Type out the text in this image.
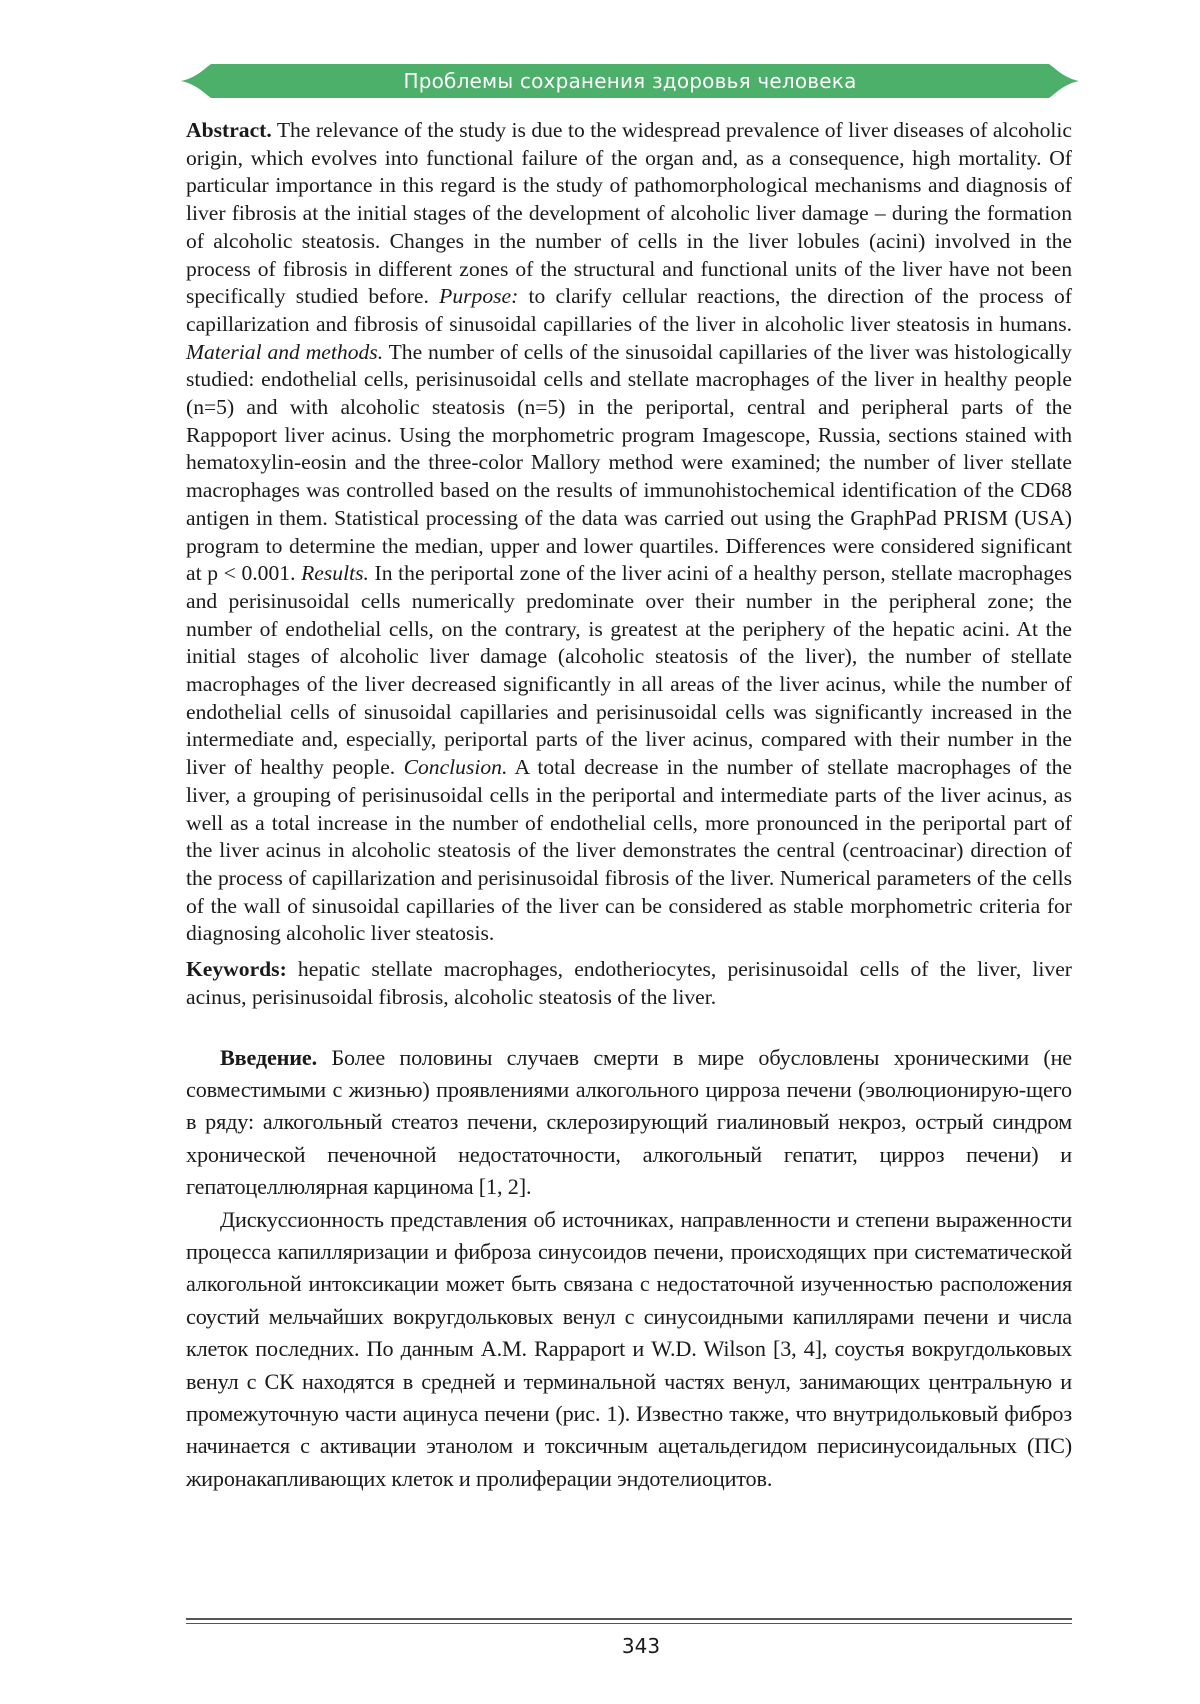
Проблемы сохранения здоровья человека

Abstract. The relevance of the study is due to the widespread prevalence of liver diseases of alcoholic origin, which evolves into functional failure of the organ and, as a consequence, high mortality. Of particular importance in this regard is the study of pathomorphological mechanisms and diagnosis of liver fibrosis at the initial stages of the development of alcoholic liver damage – during the formation of alcoholic steatosis. Changes in the number of cells in the liver lobules (acini) involved in the process of fibrosis in different zones of the structural and functional units of the liver have not been specifically studied before. Purpose: to clarify cellular reactions, the direction of the process of capillarization and fibrosis of sinusoidal capillaries of the liver in alcoholic liver steatosis in humans. Material and methods. The number of cells of the sinusoidal capillaries of the liver was histologically studied: endothelial cells, perisinusoidal cells and stellate macrophages of the liver in healthy people (n=5) and with alcoholic steatosis (n=5) in the periportal, central and peripheral parts of the Rappoport liver acinus. Using the morphometric program Imagescope, Russia, sections stained with hematoxylin-eosin and the three-color Mallory method were examined; the number of liver stellate macrophages was controlled based on the results of immunohistochemical identification of the CD68 antigen in them. Statistical processing of the data was carried out using the GraphPad PRISM (USA) program to determine the median, upper and lower quartiles. Differences were considered significant at p < 0.001. Results. In the periportal zone of the liver acini of a healthy person, stellate macrophages and perisinusoidal cells numerically predominate over their number in the peripheral zone; the number of endothelial cells, on the contrary, is greatest at the periphery of the hepatic acini. At the initial stages of alcoholic liver damage (alcoholic steatosis of the liver), the number of stellate macrophages of the liver decreased significantly in all areas of the liver acinus, while the number of endothelial cells of sinusoidal capillaries and perisinusoidal cells was significantly increased in the intermediate and, especially, periportal parts of the liver acinus, compared with their number in the liver of healthy people. Conclusion. A total decrease in the number of stellate macrophages of the liver, a grouping of perisinusoidal cells in the periportal and intermediate parts of the liver acinus, as well as a total increase in the number of endothelial cells, more pronounced in the periportal part of the liver acinus in alcoholic steatosis of the liver demonstrates the central (centroacinar) direction of the process of capillarization and perisinusoidal fibrosis of the liver. Numerical parameters of the cells of the wall of sinusoidal capillaries of the liver can be considered as stable morphometric criteria for diagnosing alcoholic liver steatosis.

Keywords: hepatic stellate macrophages, endotheriocytes, perisinusoidal cells of the liver, liver acinus, perisinusoidal fibrosis, alcoholic steatosis of the liver.

Введение. Более половины случаев смерти в мире обусловлены хроническими (не совместимыми с жизнью) проявлениями алкогольного цирроза печени (эволюционирую-щего в ряду: алкогольный стеатоз печени, склерозирующий гиалиновый некроз, острый синдром хронической печеночной недостаточности, алкогольный гепатит, цирроз печени) и гепатоцеллюлярная карцинома [1, 2].

Дискуссионность представления об источниках, направленности и степени выраженности процесса капилляризации и фиброза синусоидов печени, происходящих при систематической алкогольной интоксикации может быть связана с недостаточной изученностью расположения соустий мельчайших вокругдольковых венул с синусоидными капиллярами печени и числа клеток последних. По данным A.M. Rappaport и W.D. Wilson [3, 4], соустья вокругдольковых венул с СК находятся в средней и терминальной частях венул, занимающих центральную и промежуточную части ацинуса печени (рис. 1). Известно также, что внутридольковый фиброз начинается с активации этанолом и токсичным ацетальдегидом перисинусоидальных (ПС) жиронакапливающих клеток и пролиферации эндотелиоцитов.

343
